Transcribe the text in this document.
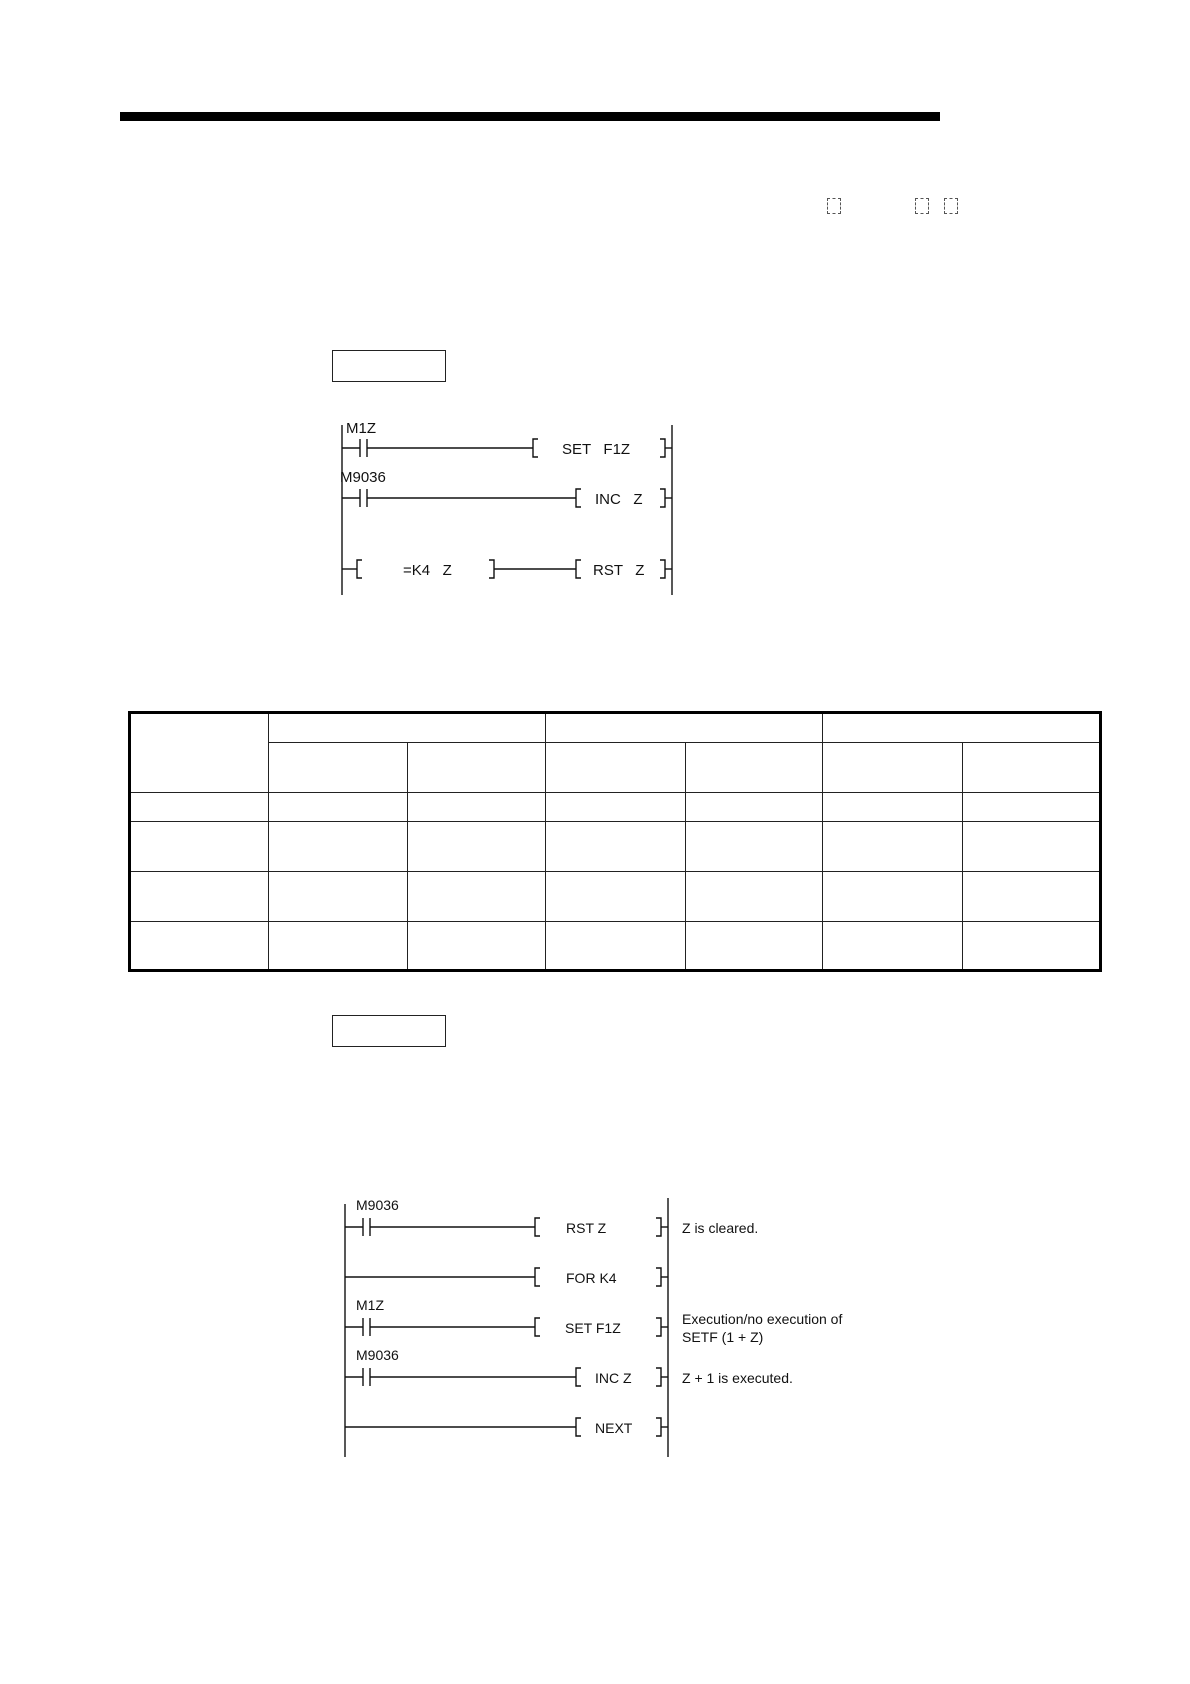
M1Z
SET   F1Z
M9036
INC   Z
=K4   Z	RST   Z

M9036
RST Z	Z is cleared.
FOR K4
M1Z
SET F1Z
Execution/no execution of
SETF (1 + Z)
M9036
INC Z	Z + 1 is executed.
NEXT
